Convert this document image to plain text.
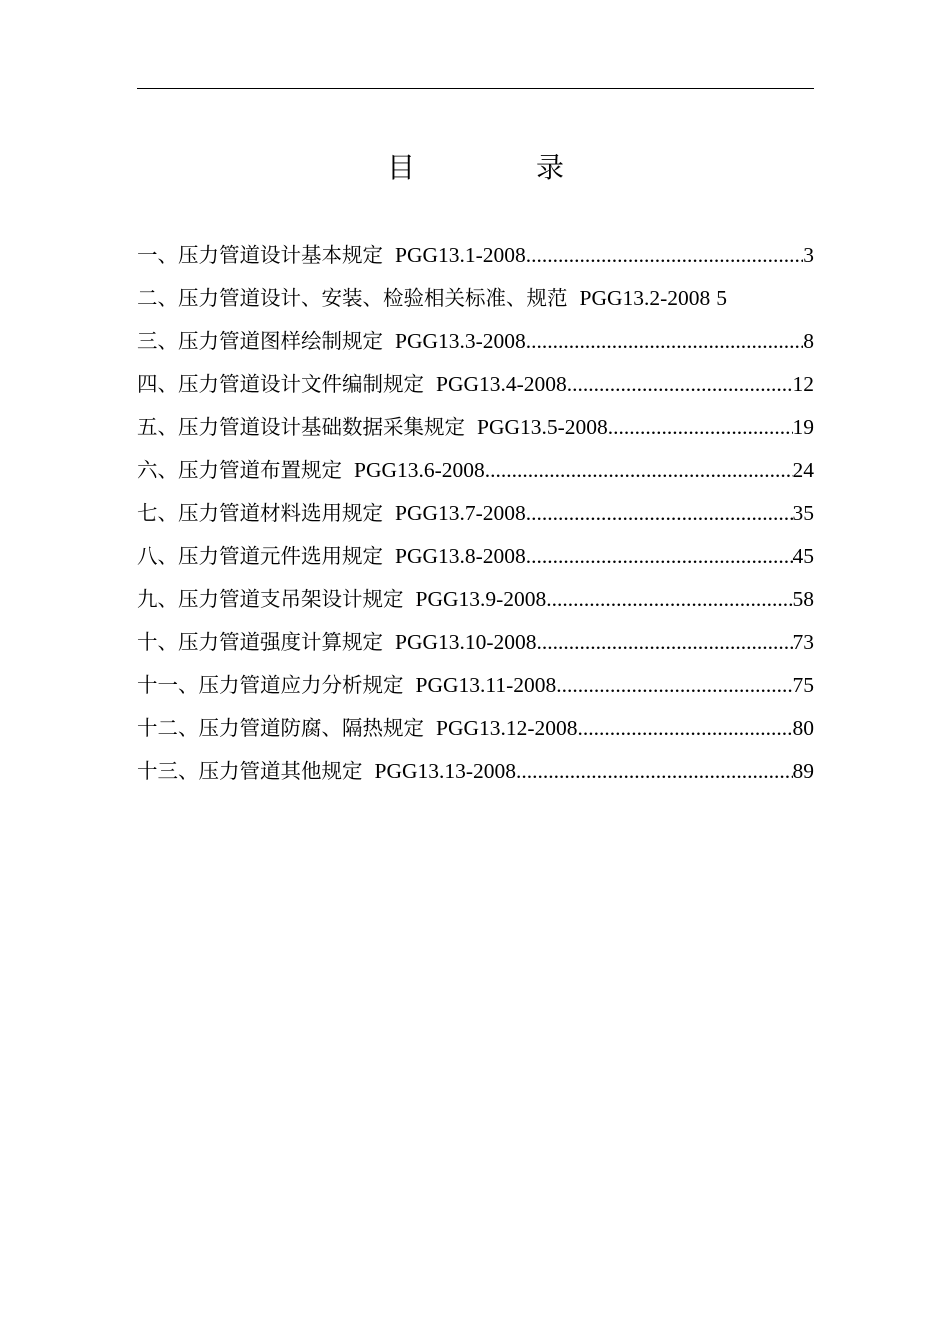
目 录
一、压力管道设计基本规定 PGG13.1-2008 .....	3
二、压力管道设计、安装、检验相关标准、规范 PGG13.2-2008 5
三、压力管道图样绘制规定 PGG13.3-2008 .....	8
四、压力管道设计文件编制规定 PGG13.4-2008 .....	12
五、压力管道设计基础数据采集规定 PGG13.5-2008 .....	19
六、压力管道布置规定 PGG13.6-2008 .....	24
七、压力管道材料选用规定 PGG13.7-2008 .....	35
八、压力管道元件选用规定 PGG13.8-2008 .....	45
九、压力管道支吊架设计规定 PGG13.9-2008 .....	58
十、压力管道强度计算规定 PGG13.10-2008 .....	73
十一、压力管道应力分析规定 PGG13.11-2008 .....	75
十二、压力管道防腐、隔热规定 PGG13.12-2008 .....	80
十三、压力管道其他规定 PGG13.13-2008 .....	89
